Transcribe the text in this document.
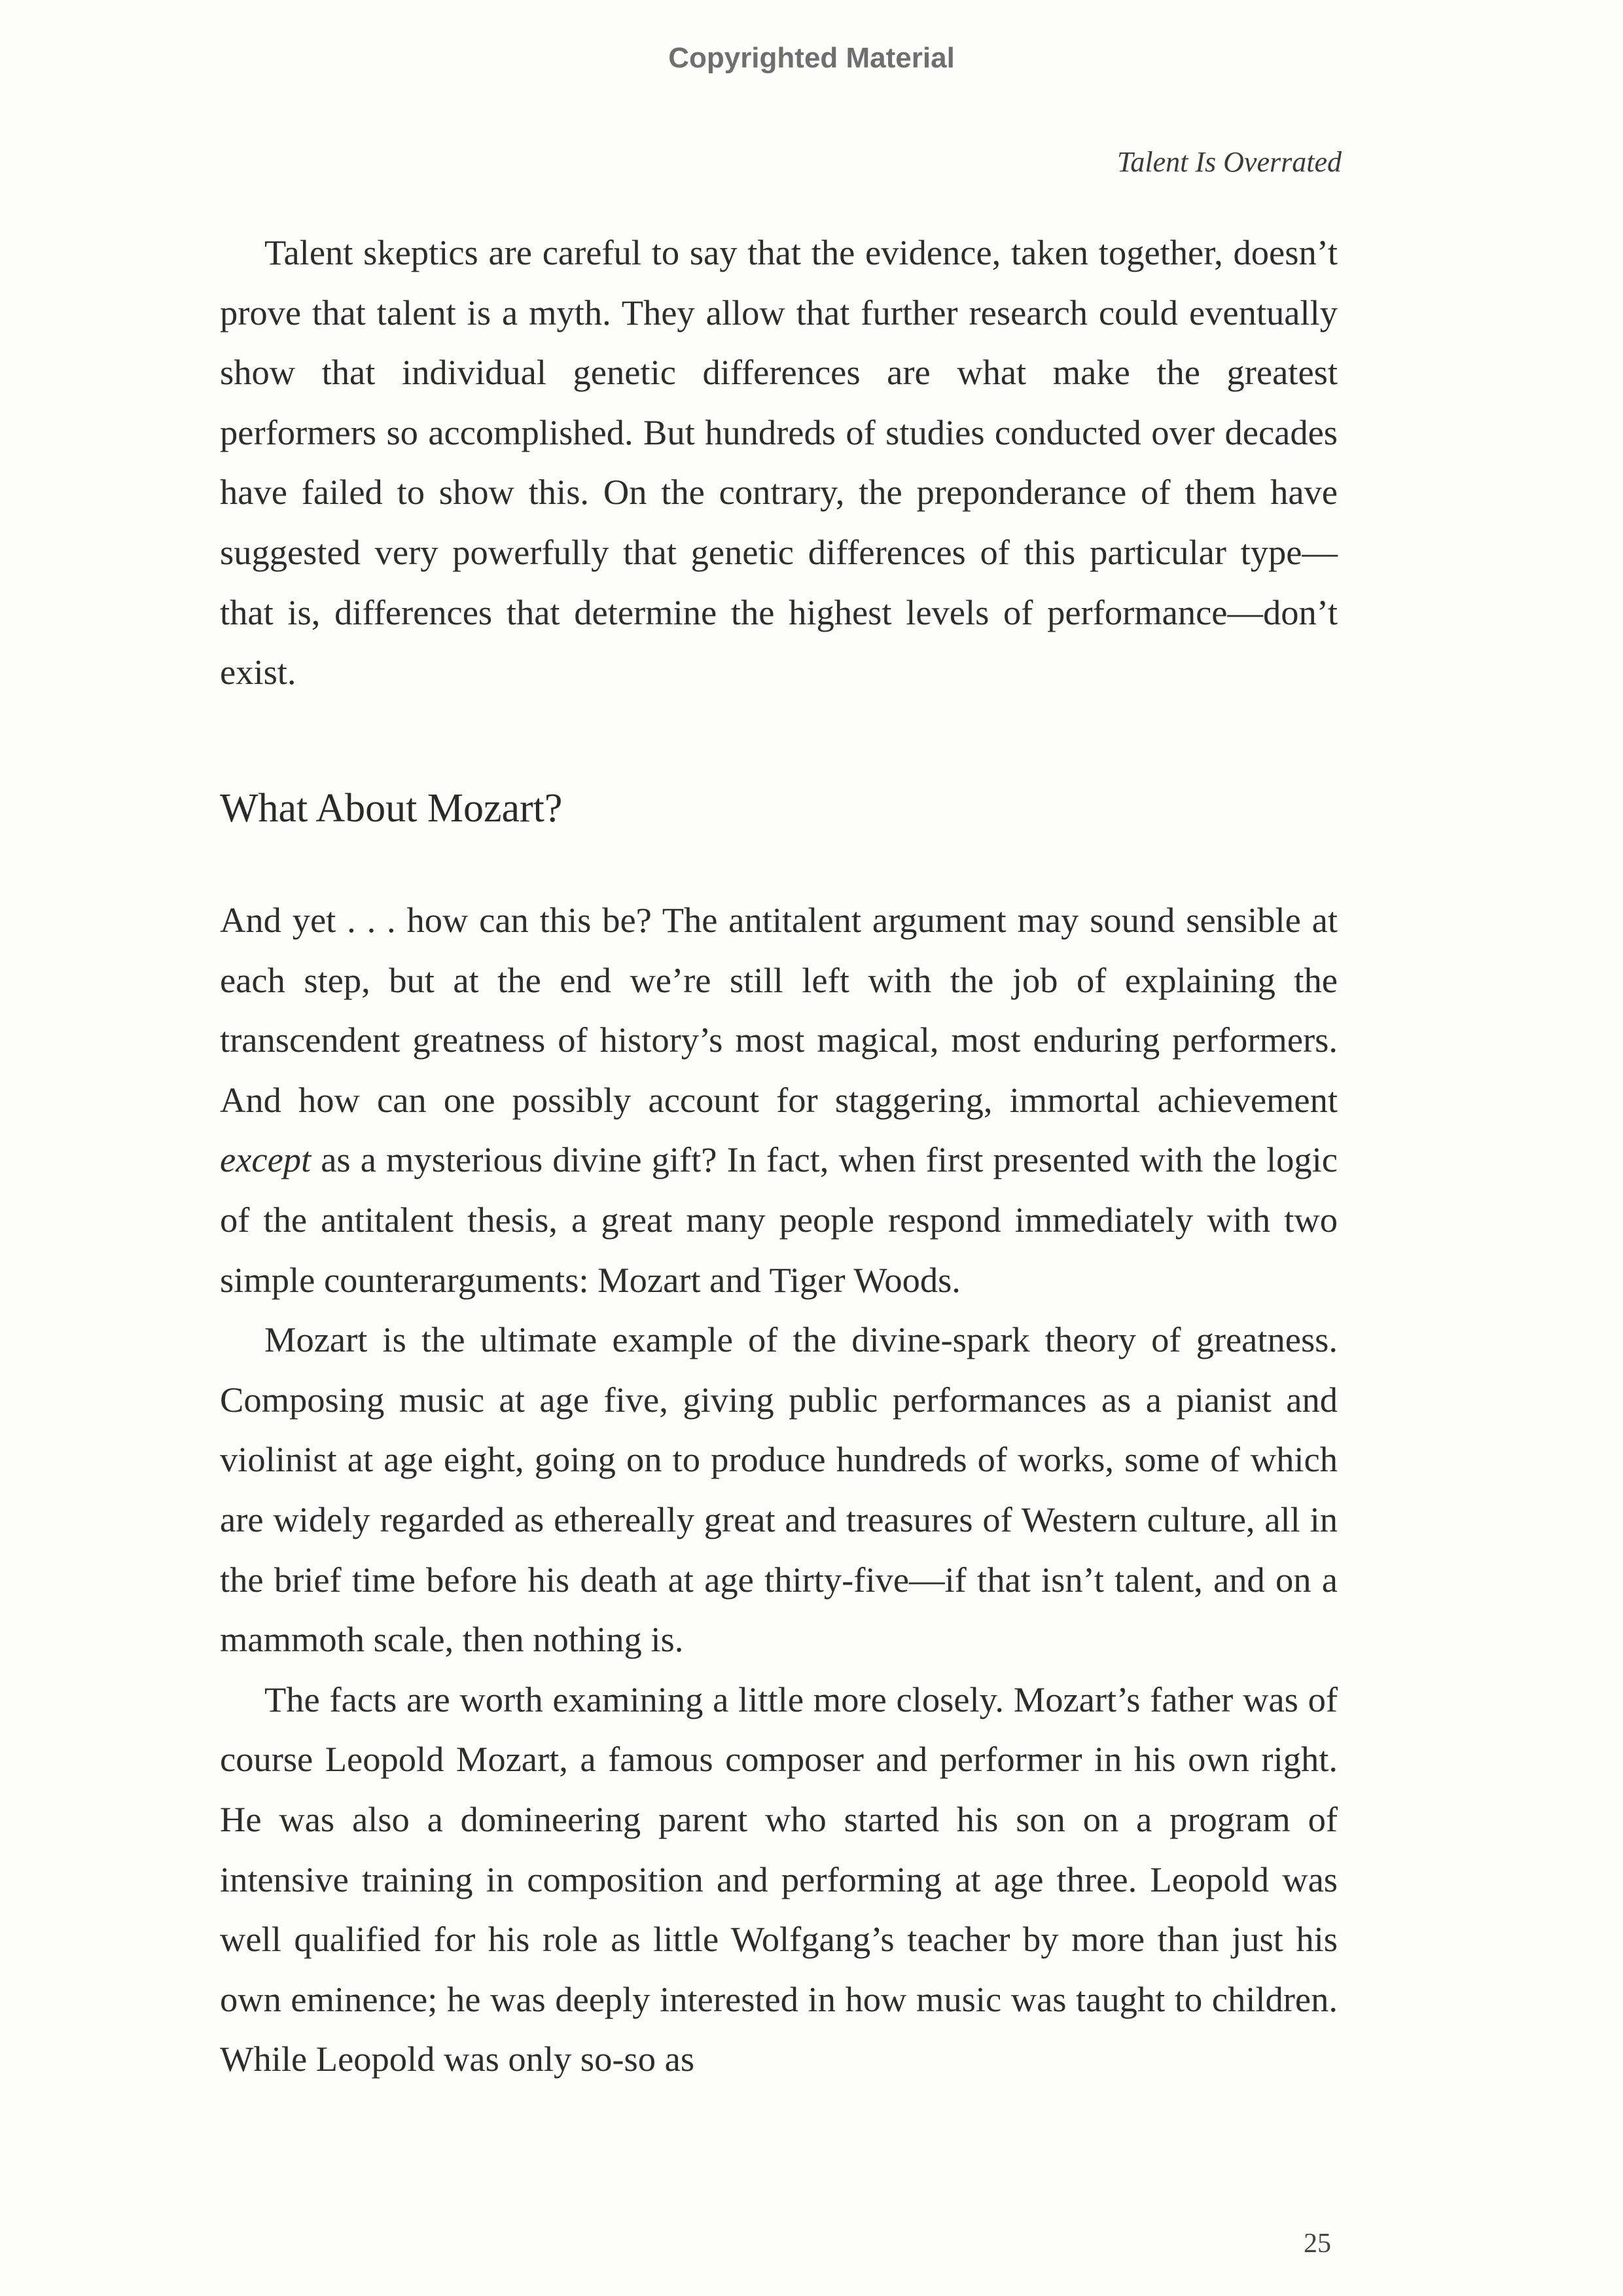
Copyrighted Material
Talent Is Overrated

Talent skeptics are careful to say that the evidence, taken together, doesn’t prove that talent is a myth. They allow that further research could eventually show that individual genetic differences are what make the greatest performers so accomplished. But hundreds of studies conducted over decades have failed to show this. On the contrary, the preponderance of them have suggested very powerfully that genetic differences of this particular type—that is, differences that determine the highest levels of performance—don’t exist.

What About Mozart?

And yet . . . how can this be? The antitalent argument may sound sensible at each step, but at the end we’re still left with the job of explaining the transcendent greatness of history’s most magical, most enduring performers. And how can one possibly account for staggering, immortal achievement except as a mysterious divine gift? In fact, when first presented with the logic of the antitalent thesis, a great many people respond immediately with two simple counterarguments: Mozart and Tiger Woods.

Mozart is the ultimate example of the divine-spark theory of greatness. Composing music at age five, giving public performances as a pianist and violinist at age eight, going on to produce hundreds of works, some of which are widely regarded as ethereally great and treasures of Western culture, all in the brief time before his death at age thirty-five—if that isn’t talent, and on a mammoth scale, then nothing is.

The facts are worth examining a little more closely. Mozart’s father was of course Leopold Mozart, a famous composer and performer in his own right. He was also a domineering parent who started his son on a program of intensive training in composition and performing at age three. Leopold was well qualified for his role as little Wolfgang’s teacher by more than just his own eminence; he was deeply interested in how music was taught to children. While Leopold was only so-so as

25
